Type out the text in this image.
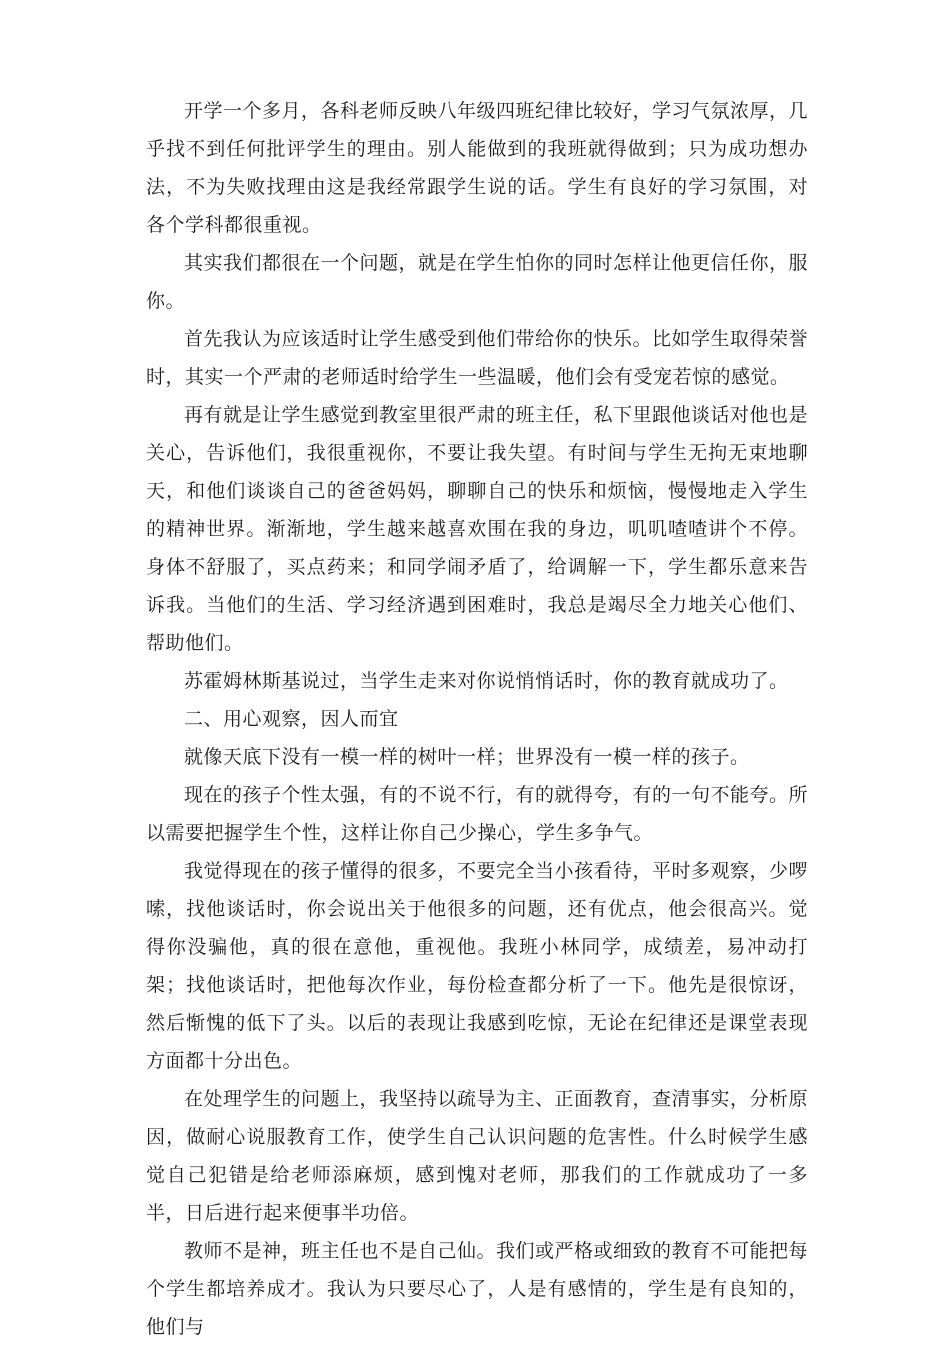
开学一个多月，各科老师反映八年级四班纪律比较好，学习气氛浓厚，几乎找不到任何批评学生的理由。别人能做到的我班就得做到；只为成功想办法，不为失败找理由这是我经常跟学生说的话。学生有良好的学习氛围，对各个学科都很重视。

其实我们都很在一个问题，就是在学生怕你的同时怎样让他更信任你，服你。

首先我认为应该适时让学生感受到他们带给你的快乐。比如学生取得荣誉时，其实一个严肃的老师适时给学生一些温暖，他们会有受宠若惊的感觉。

再有就是让学生感觉到教室里很严肃的班主任，私下里跟他谈话对他也是关心，告诉他们，我很重视你，不要让我失望。有时间与学生无拘无束地聊天，和他们谈谈自己的爸爸妈妈，聊聊自己的快乐和烦恼，慢慢地走入学生的精神世界。渐渐地，学生越来越喜欢围在我的身边，叽叽喳喳讲个不停。身体不舒服了，买点药来；和同学闹矛盾了，给调解一下，学生都乐意来告诉我。当他们的生活、学习经济遇到困难时，我总是竭尽全力地关心他们、帮助他们。

苏霍姆林斯基说过，当学生走来对你说悄悄话时，你的教育就成功了。

二、用心观察，因人而宜

就像天底下没有一模一样的树叶一样；世界没有一模一样的孩子。

现在的孩子个性太强，有的不说不行，有的就得夸，有的一句不能夸。所以需要把握学生个性，这样让你自己少操心，学生多争气。

我觉得现在的孩子懂得的很多，不要完全当小孩看待，平时多观察，少啰嗦，找他谈话时，你会说出关于他很多的问题，还有优点，他会很高兴。觉得你没骗他，真的很在意他，重视他。我班小林同学，成绩差，易冲动打架；找他谈话时，把他每次作业，每份检查都分析了一下。他先是很惊讶，然后惭愧的低下了头。以后的表现让我感到吃惊，无论在纪律还是课堂表现方面都十分出色。

在处理学生的问题上，我坚持以疏导为主、正面教育，查清事实，分析原因，做耐心说服教育工作，使学生自己认识问题的危害性。什么时候学生感觉自己犯错是给老师添麻烦，感到愧对老师，那我们的工作就成功了一多半，日后进行起来便事半功倍。

教师不是神，班主任也不是自己仙。我们或严格或细致的教育不可能把每个学生都培养成才。我认为只要尽心了，人是有感情的，学生是有良知的，他们与
